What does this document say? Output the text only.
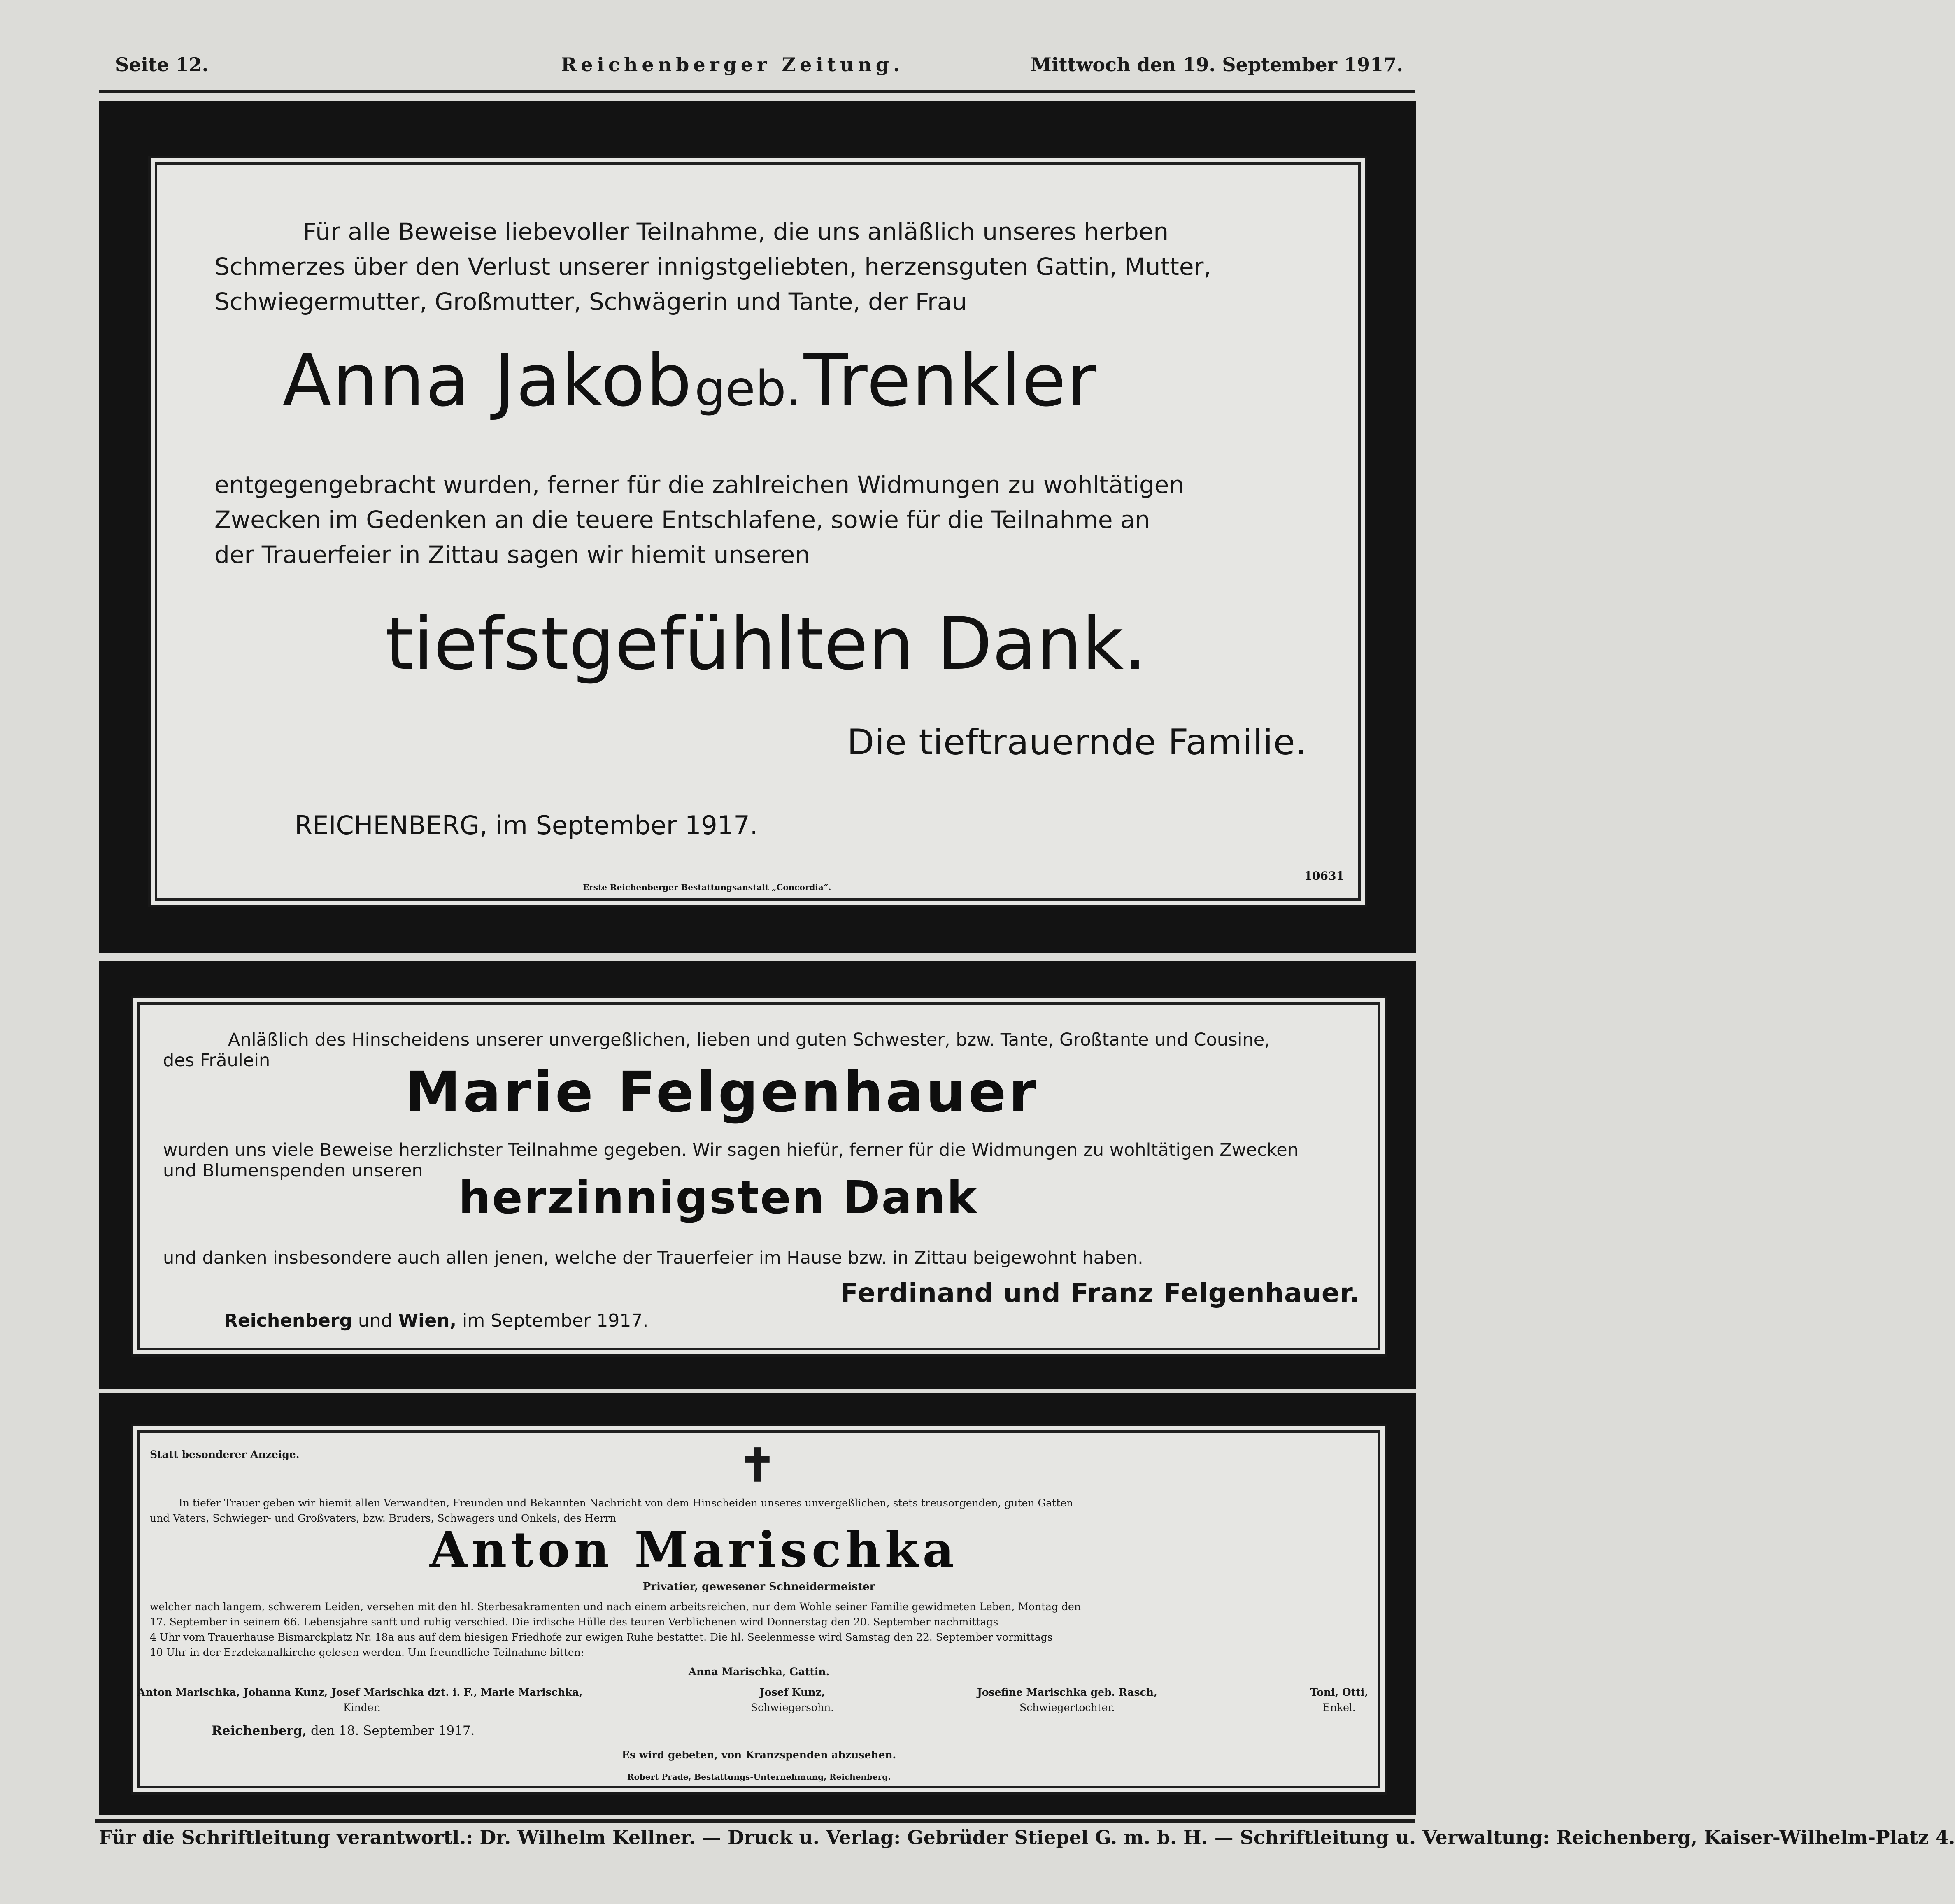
Seite 12.	Reichenberger Zeitung.	Mittwoch den 19. September 1917.
Für alle Beweise liebevoller Teilnahme, die uns anläßlich unseres herben
Schmerzes über den Verlust unserer innigstgeliebten, herzensguten Gattin, Mutter,
Schwiegermutter, Großmutter, Schwägerin und Tante, der Frau
Anna Jakob geb. Trenkler
entgegengebracht wurden, ferner für die zahlreichen Widmungen zu wohltätigen
Zwecken im Gedenken an die teuere Entschlafene, sowie für die Teilnahme an
der Trauerfeier in Zittau sagen wir hiemit unseren
tiefstgefühlten Dank.
Die tieftrauernde Familie.
REICHENBERG, im September 1917.
Erste Reichenberger Bestattungsanstalt „Concordia“.
10631
Anläßlich des Hinscheidens unserer unvergeßlichen, lieben und guten Schwester, bzw. Tante, Großtante und Cousine,
des Fräulein Marie Felgenhauer
wurden uns viele Beweise herzlichster Teilnahme gegeben. Wir sagen hiefür, ferner für die Widmungen zu wohltätigen Zwecken
und Blumenspenden unseren
herzinnigsten Dank
und danken insbesondere auch allen jenen, welche der Trauerfeier im Hause bzw. in Zittau beigewohnt haben.
Ferdinand und Franz Felgenhauer.
Reichenberg und Wien, im September 1917.
Statt besonderer Anzeige.	✝
In tiefer Trauer geben wir hiemit allen Verwandten, Freunden und Bekannten Nachricht von dem Hinscheiden unseres unvergeßlichen, stets treusorgenden, guten Gatten
und Vaters, Schwieger- und Großvaters, bzw. Bruders, Schwagers und Onkels, des Herrn
Anton Marischka
Privatier, gewesener Schneidermeister
welcher nach langem, schwerem Leiden, versehen mit den hl. Sterbesakramenten und nach einem arbeitsreichen, nur dem Wohle seiner Familie gewidmeten Leben, Montag den
17. September in seinem 66. Lebensjahre sanft und ruhig verschied. Die irdische Hülle des teuren Verblichenen wird Donnerstag den 20. September nachmittags
4 Uhr vom Trauerhause Bismarckplatz Nr. 18a aus auf dem hiesigen Friedhofe zur ewigen Ruhe bestattet. Die hl. Seelenmesse wird Samstag den 22. September vormittags
10 Uhr in der Erzdekanalkirche gelesen werden. Um freundliche Teilnahme bitten:
Anna Marischka, Gattin.
Anton Marischka, Johanna Kunz, Josef Marischka dzt. i. F., Marie Marischka,
Kinder.
Josef Kunz,
Schwiegersohn.
Josefine Marischka geb. Rasch,
Schwiegertochter.
Toni, Otti,
Enkel.
Reichenberg, den 18. September 1917.
Es wird gebeten, von Kranzspenden abzusehen.
Robert Prade, Bestattungs-Unternehmung, Reichenberg.
Für die Schriftleitung verantwortl.: Dr. Wilhelm Kellner. — Druck u. Verlag: Gebrüder Stiepel G. m. b. H. — Schriftleitung u. Verwaltung: Reichenberg, Kaiser-Wilhelm-Platz 4.
